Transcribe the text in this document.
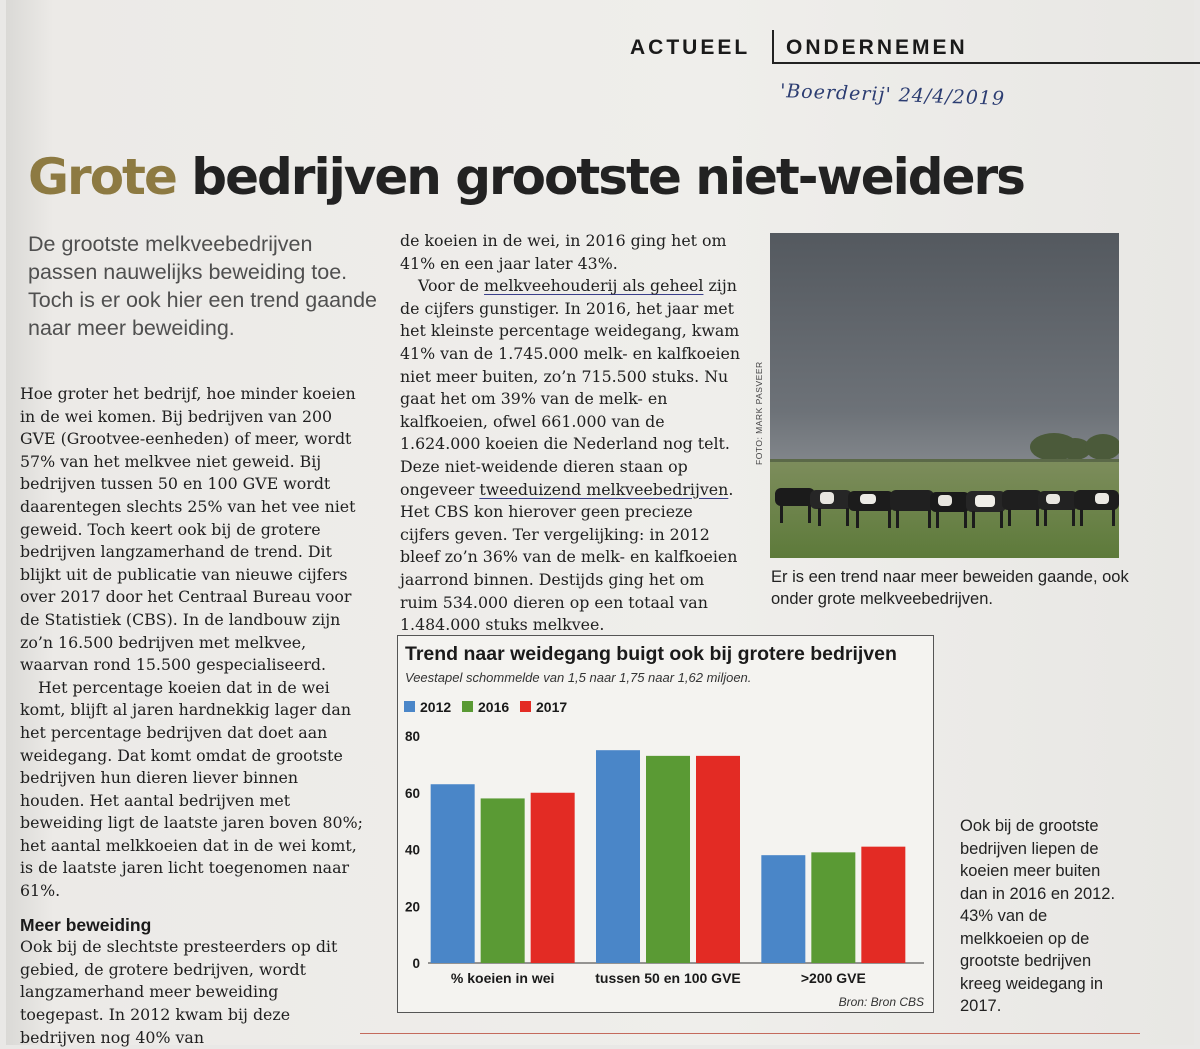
ACTUEEL	ONDERNEMEN
'Boerderij' 24/4/2019
Grote bedrijven grootste niet-weiders
De grootste melkveebedrijven passen nauwelijks beweiding toe. Toch is er ook hier een trend gaande naar meer beweiding.

Hoe groter het bedrijf, hoe minder koeien in de wei komen. Bij bedrijven van 200 GVE (Grootvee-eenheden) of meer, wordt 57% van het melkvee niet geweid. Bij bedrijven tussen 50 en 100 GVE wordt daarentegen slechts 25% van het vee niet geweid. Toch keert ook bij de grotere bedrijven langzamerhand de trend. Dit blijkt uit de publicatie van nieuwe cijfers over 2017 door het Centraal Bureau voor de Statistiek (CBS). In de landbouw zijn zo’n 16.500 bedrijven met melkvee, waarvan rond 15.500 gespecialiseerd.

Het percentage koeien dat in de wei komt, blijft al jaren hardnekkig lager dan het percentage bedrijven dat doet aan weidegang. Dat komt omdat de grootste bedrijven hun dieren liever binnen houden. Het aantal bedrijven met beweiding ligt de laatste jaren boven 80%; het aantal melkkoeien dat in de wei komt, is de laatste jaren licht toegenomen naar 61%.

Meer beweiding

Ook bij de slechtste presteerders op dit gebied, de grotere bedrijven, wordt langzamerhand meer beweiding toegepast. In 2012 kwam bij deze bedrijven nog 40% van

de koeien in de wei, in 2016 ging het om 41% en een jaar later 43%.

Voor de melkveehouderij als geheel zijn de cijfers gunstiger. In 2016, het jaar met het kleinste percentage weidegang, kwam 41% van de 1.745.000 melk- en kalfkoeien niet meer buiten, zo’n 715.500 stuks. Nu gaat het om 39% van de melk- en kalfkoeien, ofwel 661.000 van de 1.624.000 koeien die Nederland nog telt. Deze niet-weidende dieren staan op ongeveer tweeduizend melkveebedrijven. Het CBS kon hierover geen precieze cijfers geven. Ter vergelijking: in 2012 bleef zo’n 36% van de melk- en kalfkoeien jaarrond binnen. Destijds ging het om ruim 534.000 dieren op een totaal van 1.484.000 stuks melkvee.

FOTO: MARK PASVEER
Er is een trend naar meer beweiden gaande, ook onder grote melkveebedrijven.
Trend naar weidegang buigt ook bij grotere bedrijven
Veestapel schommelde van 1,5 naar 1,75 naar 1,62 miljoen.
2012 2016 2017
0
20
40
60
80
% koeien in wei	tussen 50 en 100 GVE	>200 GVE
Bron: Bron CBS
Ook bij de grootste bedrijven liepen de koeien meer buiten dan in 2016 en 2012. 43% van de melkkoeien op de grootste bedrijven kreeg weidegang in 2017.
